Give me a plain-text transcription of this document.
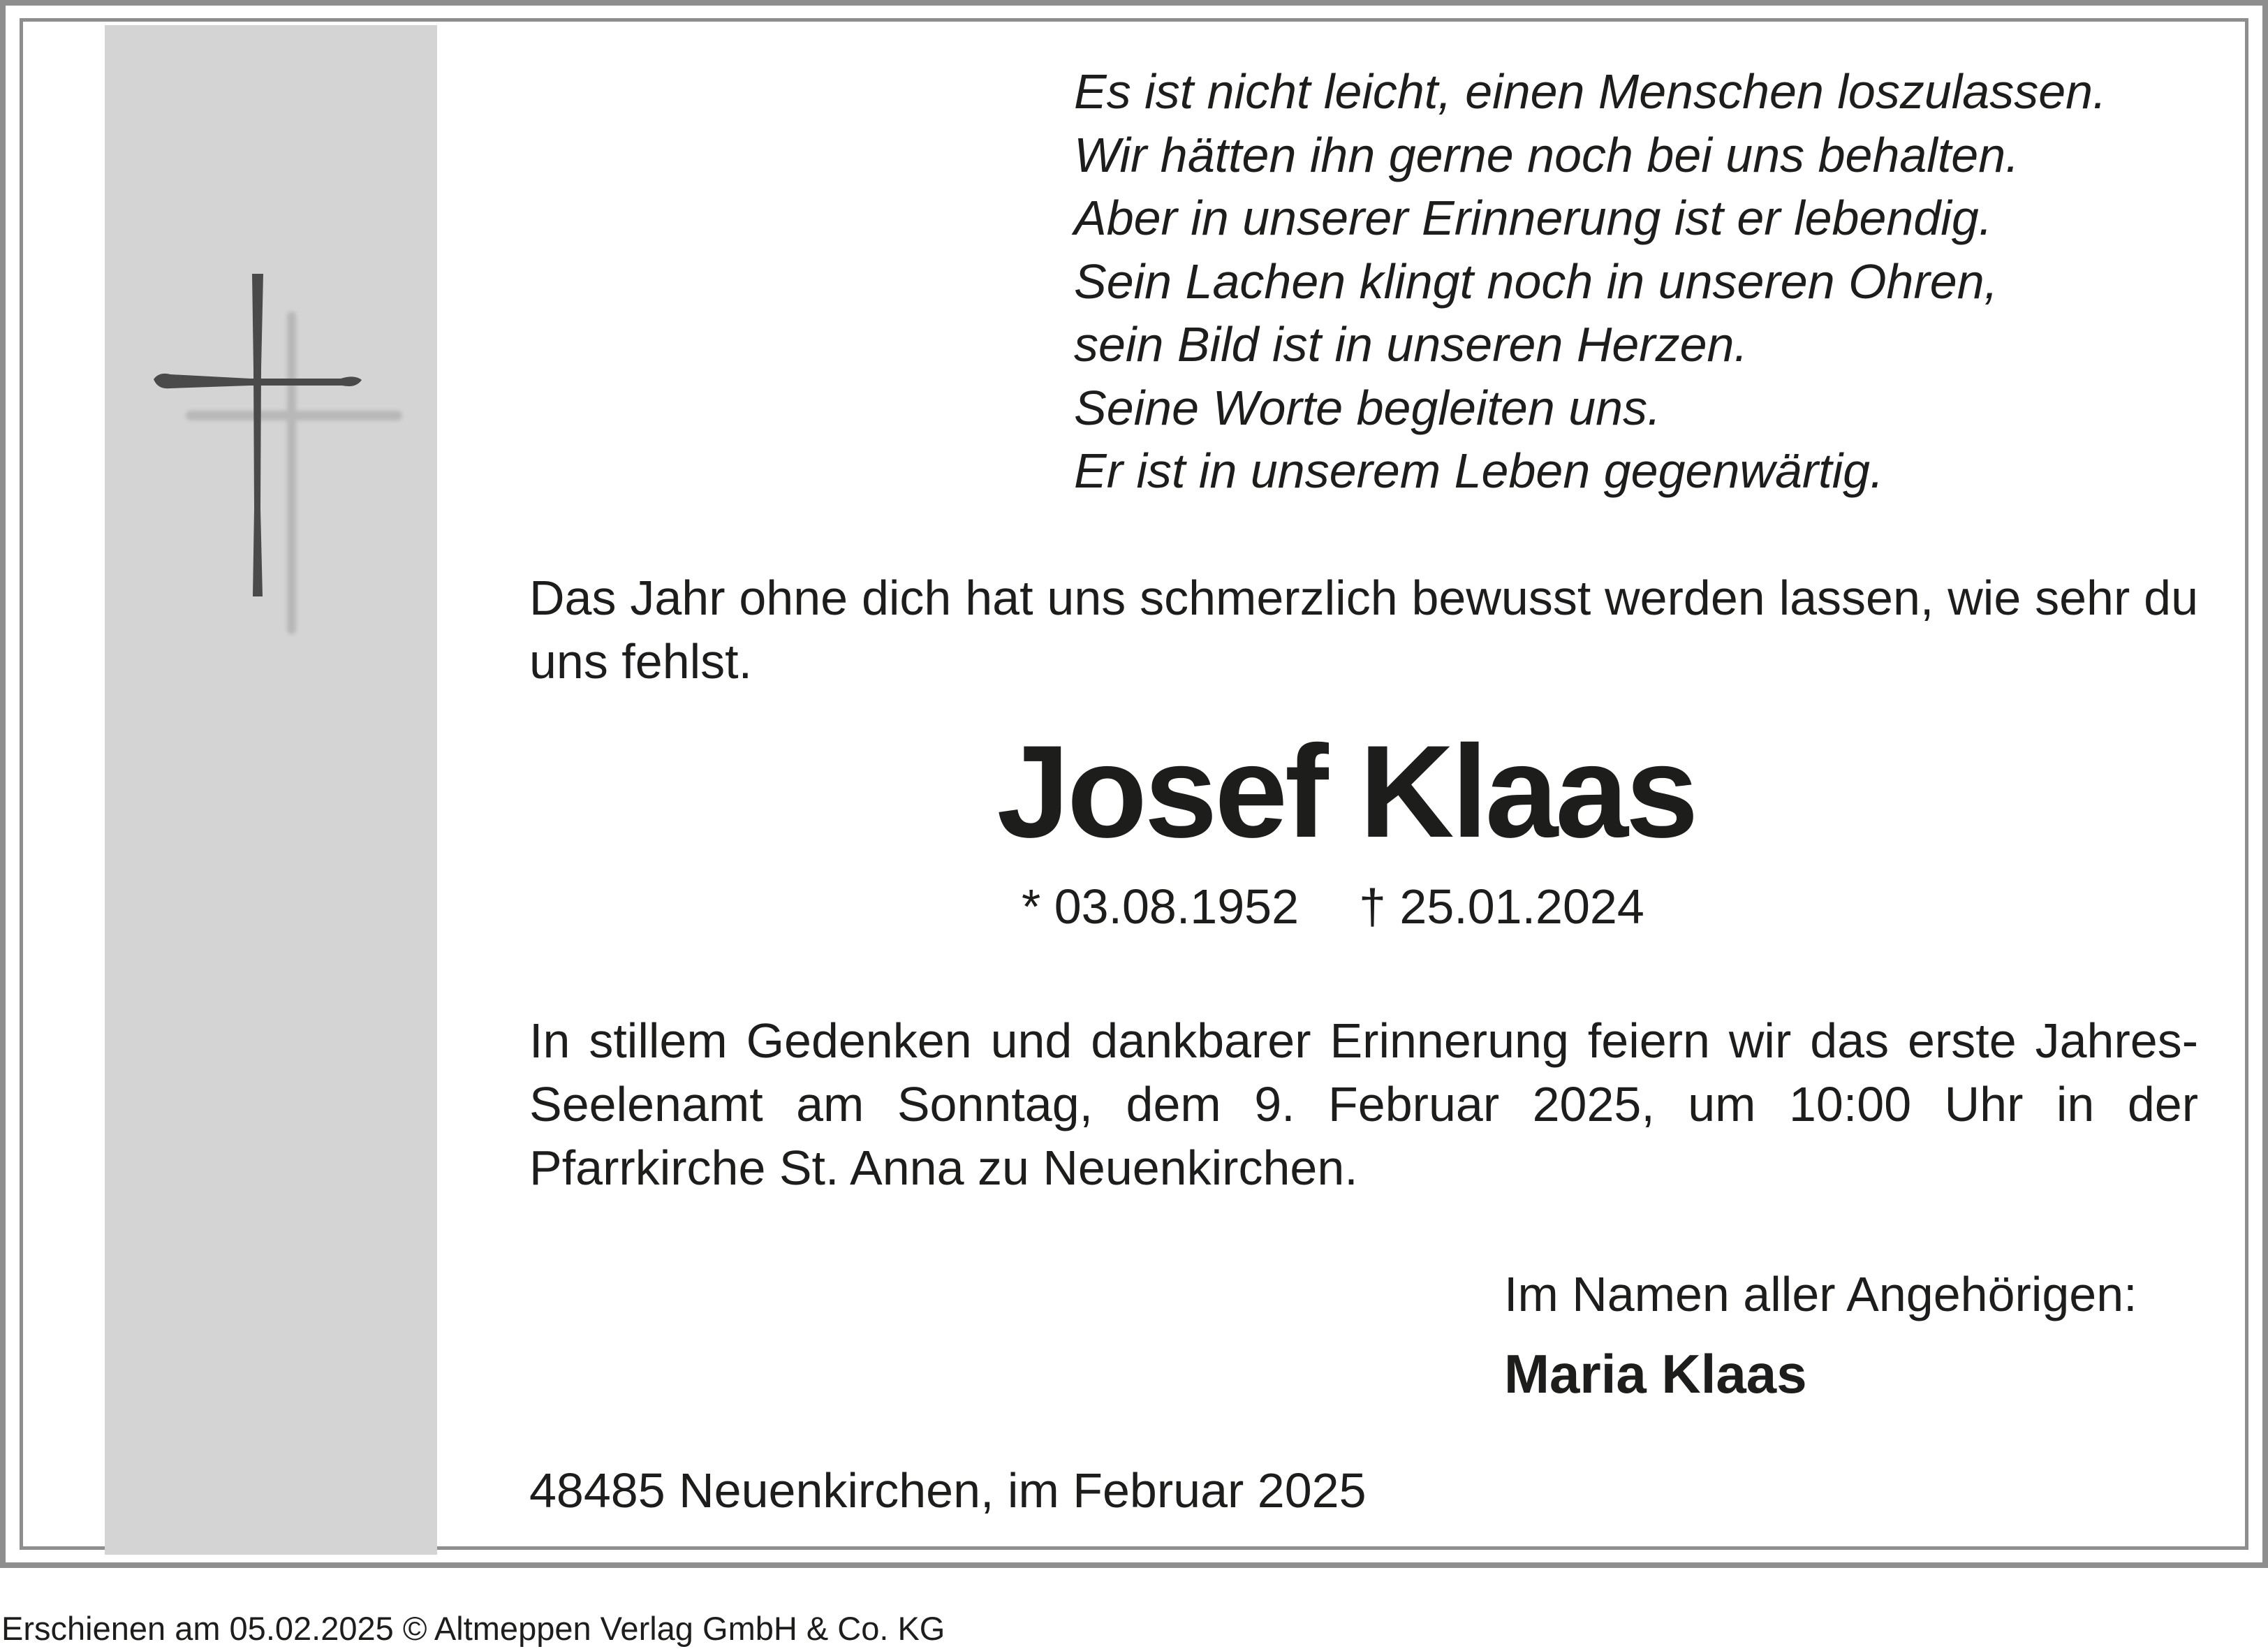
Es ist nicht leicht, einen Menschen loszulassen.
Wir hätten ihn gerne noch bei uns behalten.
Aber in unserer Erinnerung ist er lebendig.
Sein Lachen klingt noch in unseren Ohren,
sein Bild ist in unseren Herzen.
Seine Worte begleiten uns.
Er ist in unserem Leben gegenwärtig.
Das Jahr ohne dich hat uns schmerzlich bewusst werden lassen, wie sehr du uns fehlst.
Josef Klaas
* 03.08.1952 † 25.01.2024
In stillem Gedenken und dankbarer Erinnerung feiern wir das erste Jahres-Seelenamt am Sonntag, dem 9. Februar 2025, um 10:00 Uhr in der Pfarrkirche St. Anna zu Neuenkirchen.
Im Namen aller Angehörigen:
Maria Klaas
48485 Neuenkirchen, im Februar 2025
Erschienen am 05.02.2025 © Altmeppen Verlag GmbH & Co. KG
